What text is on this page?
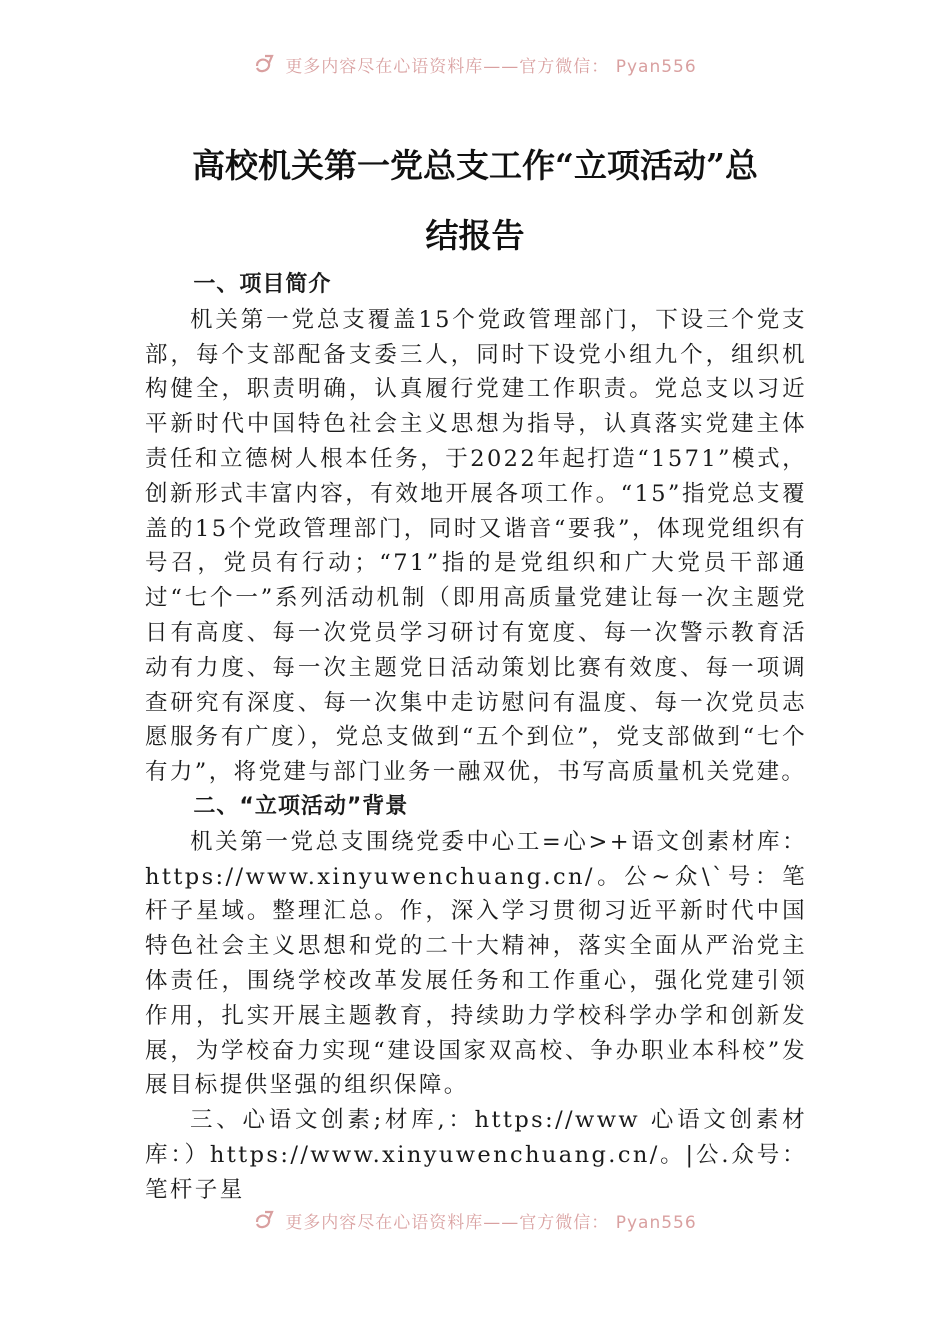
更多内容尽在心语资料库——官方微信： Pyan556
高校机关第一党总支工作“立项活动”总
结报告

一、项目简介

机关第一党总支覆盖15个党政管理部门，下设三个党支部，每个支部配备支委三人，同时下设党小组九个，组织机构健全，职责明确，认真履行党建工作职责。党总支以习近平新时代中国特色社会主义思想为指导，认真落实党建主体责任和立德树人根本任务，于2022年起打造“1571”模式，创新形式丰富内容，有效地开展各项工作。“15”指党总支覆盖的15个党政管理部门，同时又谐音“要我”，体现党组织有号召，党员有行动；“71”指的是党组织和广大党员干部通过“七个一”系列活动机制（即用高质量党建让每一次主题党日有高度、每一次党员学习研讨有宽度、每一次警示教育活动有力度、每一次主题党日活动策划比赛有效度、每一项调查研究有深度、每一次集中走访慰问有温度、每一次党员志愿服务有广度），党总支做到“五个到位”，党支部做到“七个有力”，将党建与部门业务一融双优，书写高质量机关党建。

二、“立项活动”背景

机关第一党总支围绕党委中心工=心>+语文创素材库：https://www.xinyuwenchuang.cn/。公~众\`号：笔杆子星域。整理汇总。作，深入学习贯彻习近平新时代中国特色社会主义思想和党的二十大精神，落实全面从严治党主体责任，围绕学校改革发展任务和工作重心，强化党建引领作用，扎实开展主题教育，持续助力学校科学办学和创新发展，为学校奋力实现“建设国家双高校、争办职业本科校”发展目标提供坚强的组织保障。

三、心语文创素;材库,：https://www 心语文创素材库：）https://www.xinyuwenchuang.cn/。|公.众号：笔杆子星

更多内容尽在心语资料库——官方微信： Pyan556
